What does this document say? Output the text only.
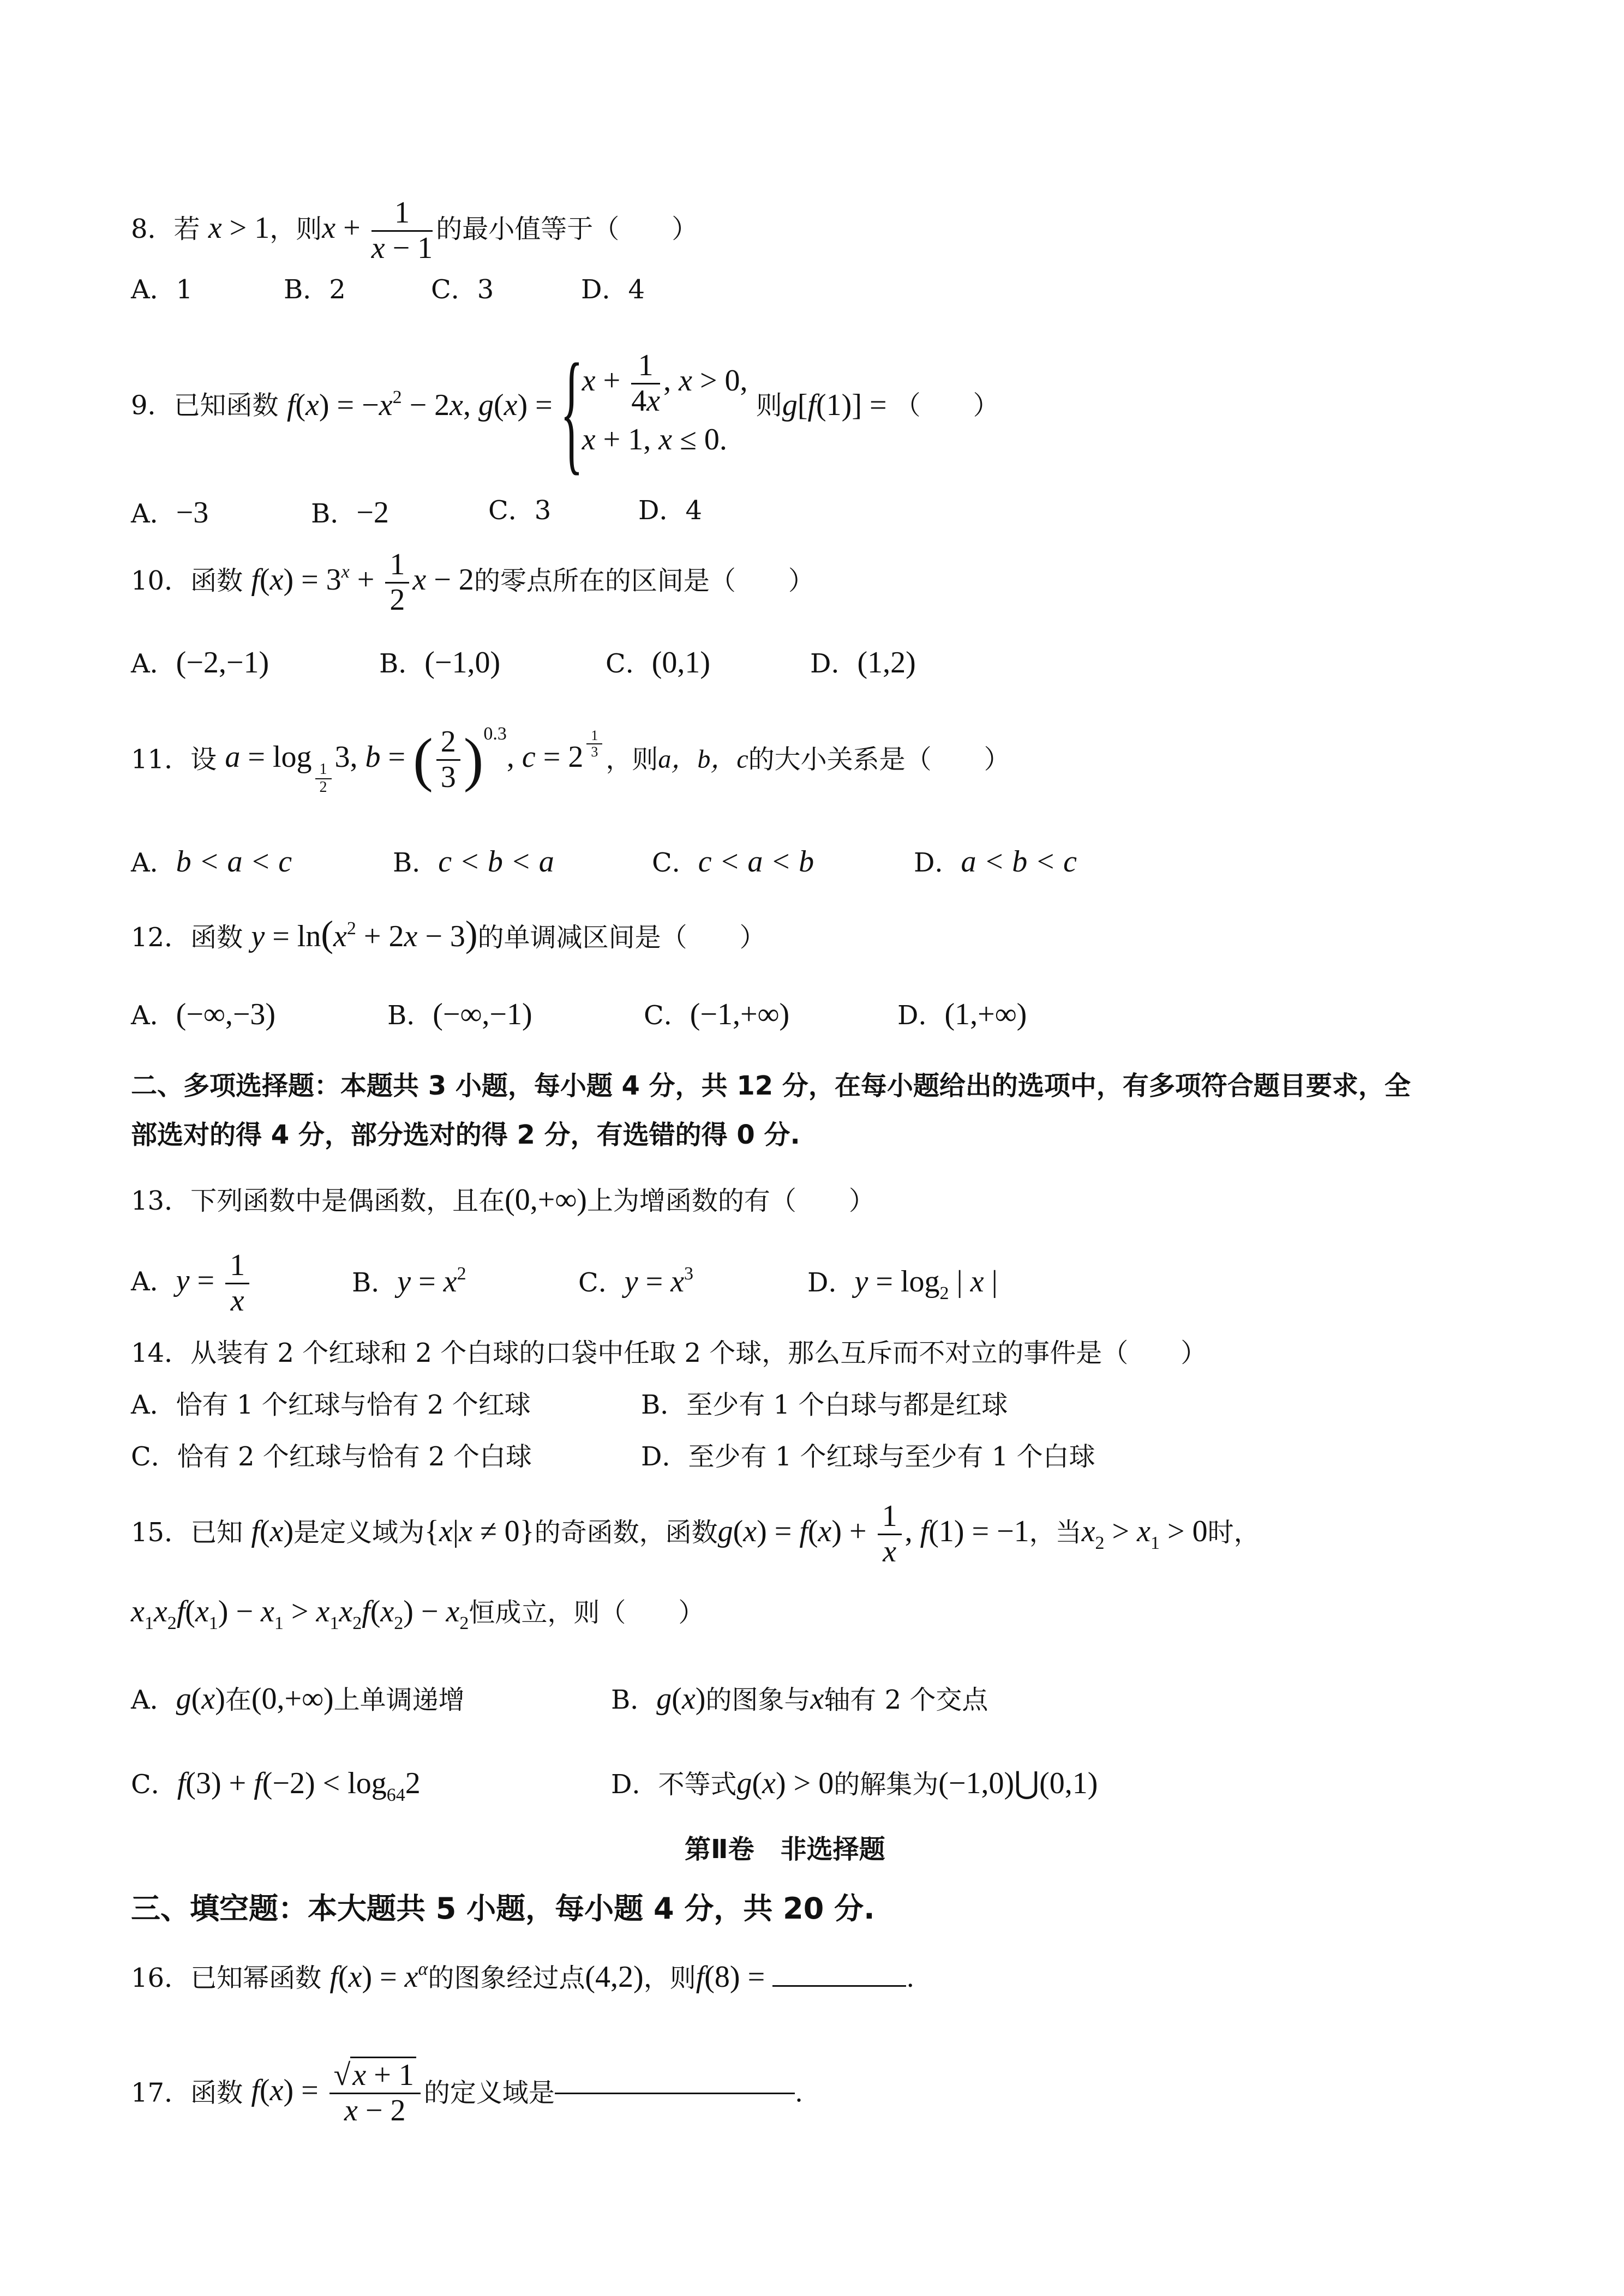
8．若 x > 1，则$x + \frac{1}{x - 1}$ 的最小值等于（　　）
A．1	B．2	C．3	D．4
9．已知函数 $f(x) = -x^2 - 2x$, g(x) = {
$x + \frac{1}{4x}$ , x > 0,
x + 1, x ≤ 0.
则g[f(1)] = （　　）
A．−3	B．−2	C．3	D．4
10．函数 $f(x) = 3^x + \frac{1}{2}$ x − 2的零点所在的区间是（　　）
A．(−2,−1)	B．(−1,0)	C．(0,1)	D．(1,2)
11．设 a = log
$_{\frac{1}{2}}$
3, b = ( $\frac{2}{3} )^{0.3}$, c = 2 $^{\frac{1}{3}}$ ，则a，b，c的大小关系是（　　）
A．b < a < c	B．c < b < a	C．c < a < b	D．a < b < c
12．函数 $y = \ln(x^2 + 2x - 3)$的单调减区间是（　　）
A．(−∞,−3)	B．(−∞,−1)	C．(−1,+∞)	D．(1,+∞)
二、多项选择题：本题共 3 小题，每小题 4 分，共 12 分，在每小题给出的选项中，有多项符合题目要求，全
部选对的得 4 分，部分选对的得 2 分，有选错的得 0 分.
13．下列函数中是偶函数，且在(0,+∞)上为增函数的有（　　）
A．$y = \frac{1}{x}$	B．$y = x^2$	C．$y = x^3$	D．$y = \log_2$ | x |
14．从装有 2 个红球和 2 个白球的口袋中任取 2 个球，那么互斥而不对立的事件是（　　）
A．恰有 1 个红球与恰有 2 个红球	B．至少有 1 个白球与都是红球
C．恰有 2 个红球与恰有 2 个白球	D．至少有 1 个红球与至少有 1 个白球
15．已知 f(x)是定义域为{x|x ≠ 0}的奇函数，函数$g(x) = f(x) + \frac{1}{x}$ , f(1) = −1，当$x_2 > x_1 > 0$时，
$x_1x_2f(x_1) - x_1 > x_1x_2f(x_2) - x_2$恒成立，则（　　）
A．g(x)在(0,+∞)上单调递增	B．g(x)的图象与x轴有 2 个交点
C．$f(3) + f(-2) < \log_{64}2$	D．不等式g(x) > 0的解集为(−1,0)⋃(0,1)
第Ⅱ卷　非选择题
三、填空题：本大题共 5 小题，每小题 4 分，共 20 分.
16．已知幂函数 $f(x) = x^\alpha$的图象经过点(4,2)，则f(8) =	.
17．函数 $f(x) = \frac{√x + 1}{x - 2}$ 的定义域是	.
